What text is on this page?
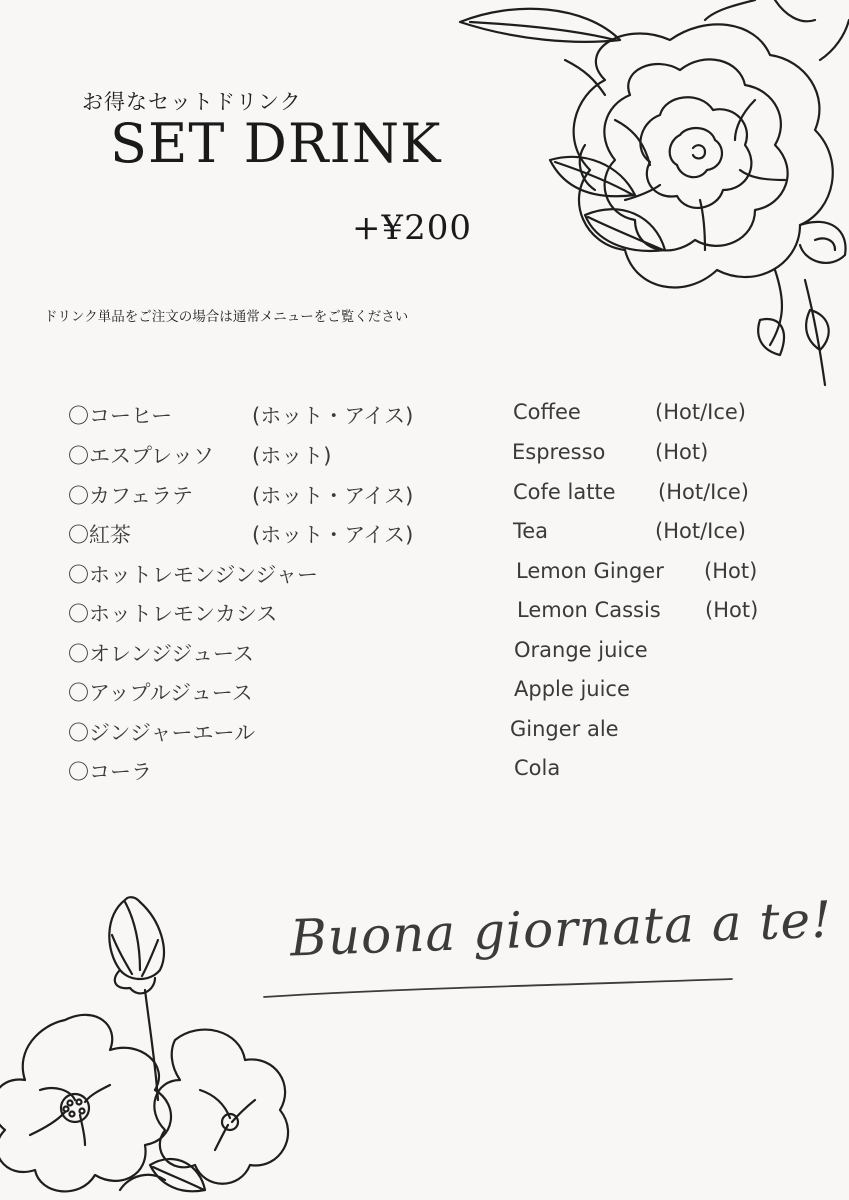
お得なセットドリンク
SET DRINK
+¥200
ドリンク単品をご注文の場合は通常メニューをご覧ください
〇コーヒー	(ホット・アイス)	Coffee	(Hot/Ice)
〇エスプレッソ (ホット)	Espresso (Hot)
〇カフェラテ	(ホット・アイス)	Cofe latte (Hot/Ice)
〇紅茶	(ホット・アイス)	Tea	(Hot/Ice)
〇ホットレモンジンジャー	Lemon Ginger (Hot)
〇ホットレモンカシス	Lemon Cassis (Hot)
〇オレンジジュース	Orange juice
〇アップルジュース	Apple juice
〇ジンジャーエール	Ginger ale
〇コーラ	Cola
Buona giornata a te!
